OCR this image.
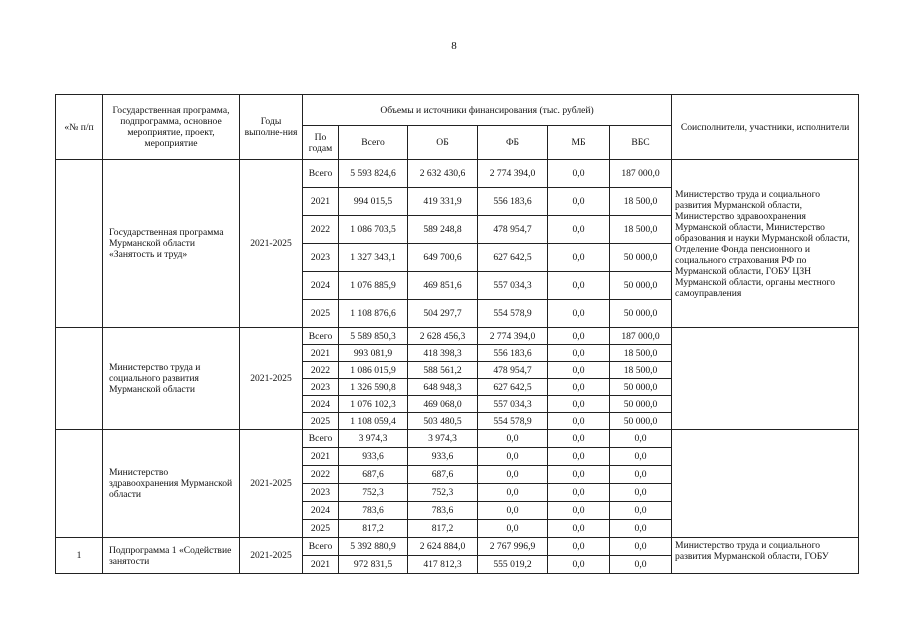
8
«№ п/п	Государственная программа, подпрограмма, основное мероприятие, проект, мероприятие	Годы выполне-ния	Объемы и источники финансирования (тыс. рублей)						Соисполнители, участники, исполнители
			По годам	Всего	ОБ	ФБ	МБ	ВБС	
	Государственная программа Мурманской области «Занятость и труд»	2021-2025	Всего	5 593 824,6	2 632 430,6	2 774 394,0	0,0	187 000,0	Министерство труда и социального развития Мурманской области, Министерство здравоохранения Мурманской области, Министерство образования и науки Мурманской области, Отделение Фонда пенсионного и социального страхования РФ по Мурманской области, ГОБУ ЦЗН Мурманской области, органы местного самоуправления
			2021	994 015,5	419 331,9	556 183,6	0,0	18 500,0	
			2022	1 086 703,5	589 248,8	478 954,7	0,0	18 500,0	
			2023	1 327 343,1	649 700,6	627 642,5	0,0	50 000,0	
			2024	1 076 885,9	469 851,6	557 034,3	0,0	50 000,0	
			2025	1 108 876,6	504 297,7	554 578,9	0,0	50 000,0	
	Министерство труда и социального развития Мурманской области	2021-2025	Всего	5 589 850,3	2 628 456,3	2 774 394,0	0,0	187 000,0	
			2021	993 081,9	418 398,3	556 183,6	0,0	18 500,0	
			2022	1 086 015,9	588 561,2	478 954,7	0,0	18 500,0	
			2023	1 326 590,8	648 948,3	627 642,5	0,0	50 000,0	
			2024	1 076 102,3	469 068,0	557 034,3	0,0	50 000,0	
			2025	1 108 059,4	503 480,5	554 578,9	0,0	50 000,0	
	Министерство здравоохранения Мурманской области	2021-2025	Всего	3 974,3	3 974,3	0,0	0,0	0,0	
			2021	933,6	933,6	0,0	0,0	0,0	
			2022	687,6	687,6	0,0	0,0	0,0	
			2023	752,3	752,3	0,0	0,0	0,0	
			2024	783,6	783,6	0,0	0,0	0,0	
			2025	817,2	817,2	0,0	0,0	0,0	
1	Подпрограмма 1 «Содействие занятости	2021-2025	Всего	5 392 880,9	2 624 884,0	2 767 996,9	0,0	0,0	Министерство труда и социального развития Мурманской области, ГОБУ
			2021	972 831,5	417 812,3	555 019,2	0,0	0,0	
